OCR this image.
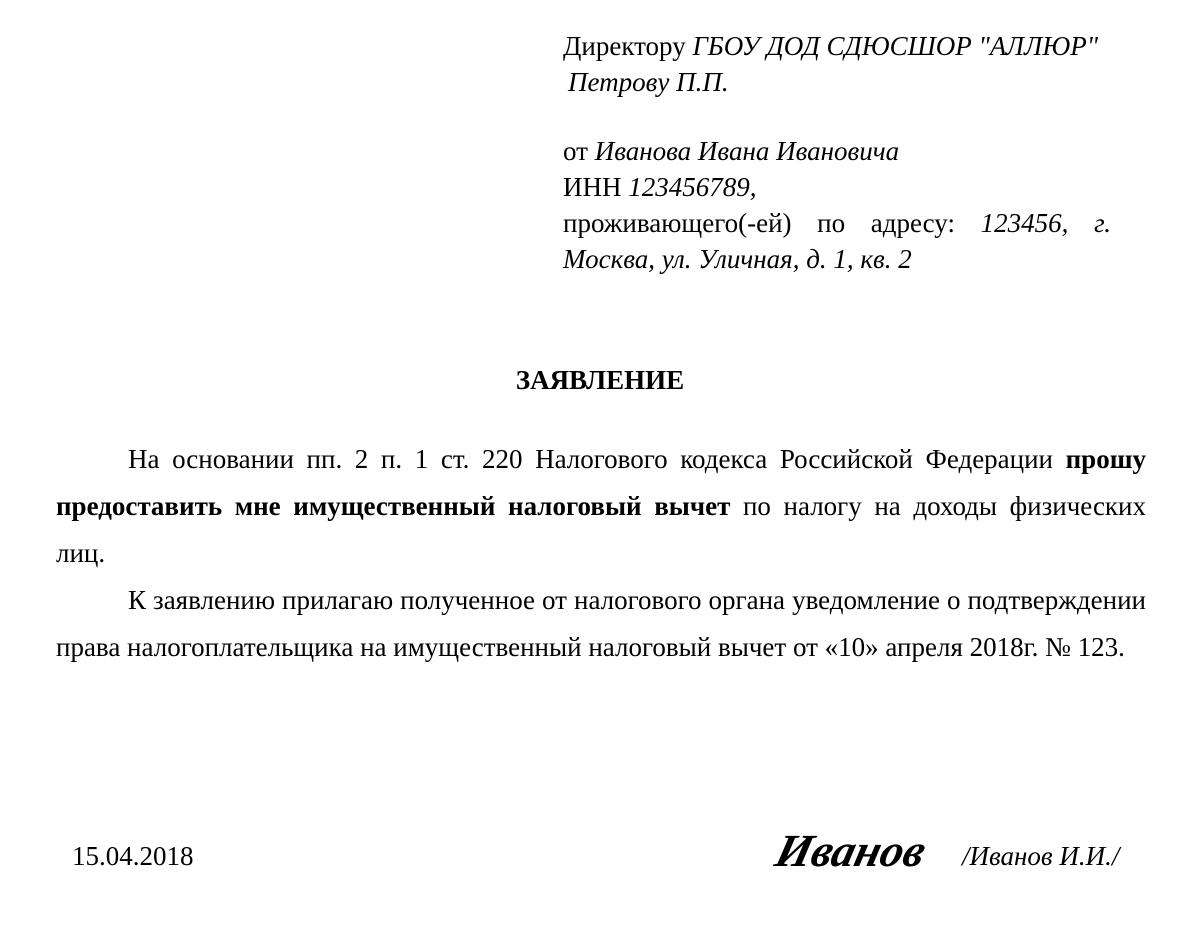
Директору ГБОУ ДОД СДЮСШОР "АЛЛЮР"
Петрову П.П.
от Иванова Ивана Ивановича
ИНН 123456789,
проживающего(-ей) по адресу: 123456, г.
Москва, ул. Уличная, д. 1, кв. 2
ЗАЯВЛЕНИЕ

На основании пп. 2 п. 1 ст. 220 Налогового кодекса Российской Федерации прошу предоставить мне имущественный налоговый вычет по налогу на доходы физических лиц.

К заявлению прилагаю полученное от налогового органа уведомление о подтверждении права налогоплательщика на имущественный налоговый вычет от «10» апреля 2018г. № 123.

15.04.2018	Иванов /Иванов И.И./
